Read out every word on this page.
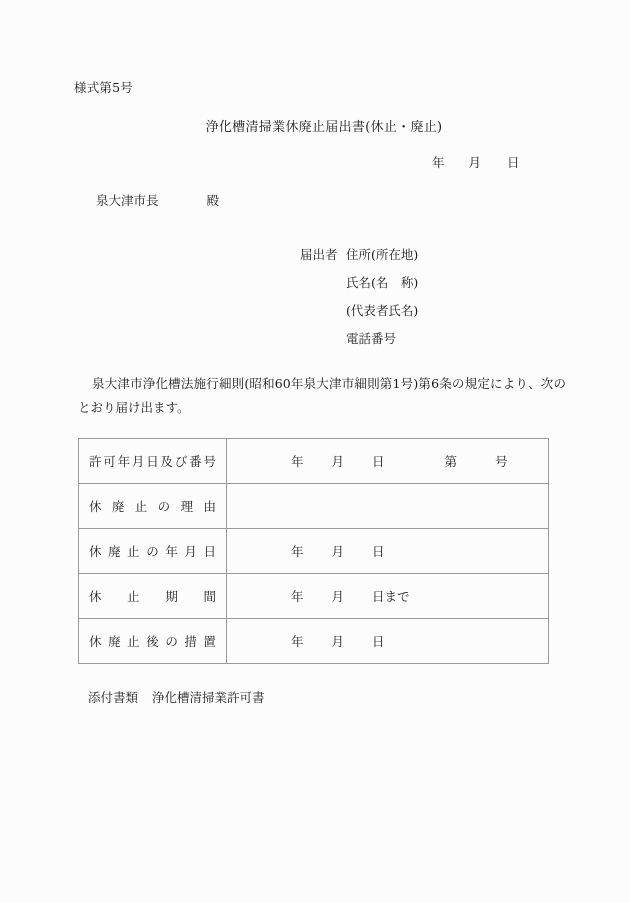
様式第5号
浄化槽清掃業休廃止届出書(休止・廃止)
年 月 日
泉大津市長	殿
届出者 住所(所在地)
氏名(名　称)
(代表者氏名)
電話番号
泉大津市浄化槽法施行細則(昭和60年泉大津市細則第1号)第6条の規定により、次のとおり届け出ます。
許 可 年 月 日 及 び 番 号	年 月 日	第	号

休 廃 止 の 理 由

休 廃 止 の 年 月 日	年 月 日

休 止 期 間	年 月 日まで

休 廃 止 後 の 措 置	年 月 日
添付書類 浄化槽清掃業許可書
